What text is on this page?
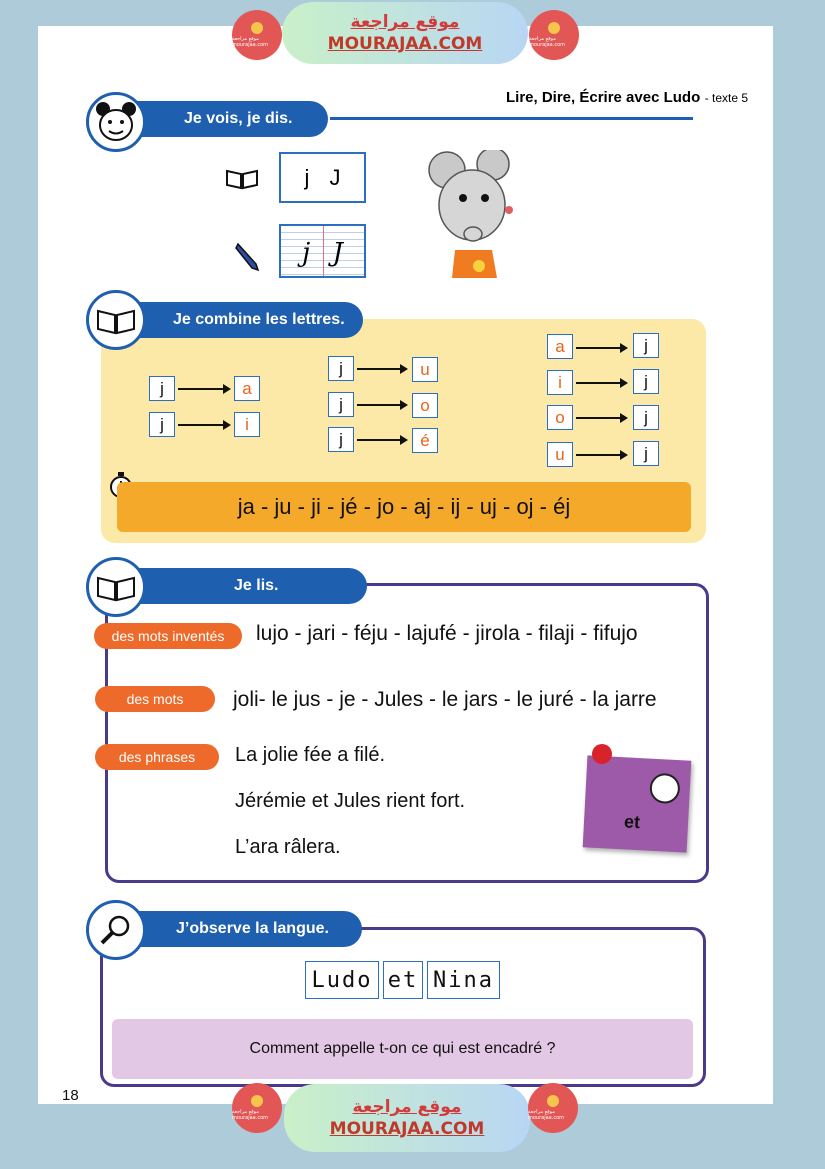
موقع مراجعة mourajaa.com
موقع مراجعة
MOURAJAA.COM	موقع مراجعة mourajaa.com
Lire, Dire, Écrire avec Ludo - texte 5
Je vois, je dis.
j J
j J
Je combine les lettres.
j	a
j	i
j	u
j	o
j	é
a	j
i	j
o	j
u	j
ja - ju - ji - jé - jo - aj - ij - uj - oj - éj
Je lis.
des mots inventés	lujo - jari - féju - lajufé - jirola - filaji - fifujo
des mots	joli- le jus - je - Jules - le jars - le juré - la jarre
des phrases	La jolie fée a filé.
Jérémie et Jules rient fort.
L’ara râlera.
et
J’observe la langue.
Ludo et Nina
Comment appelle t-on ce qui est encadré ?
18
موقع مراجعة mourajaa.com
موقع مراجعة
MOURAJAA.COM
موقع مراجعة mourajaa.com
